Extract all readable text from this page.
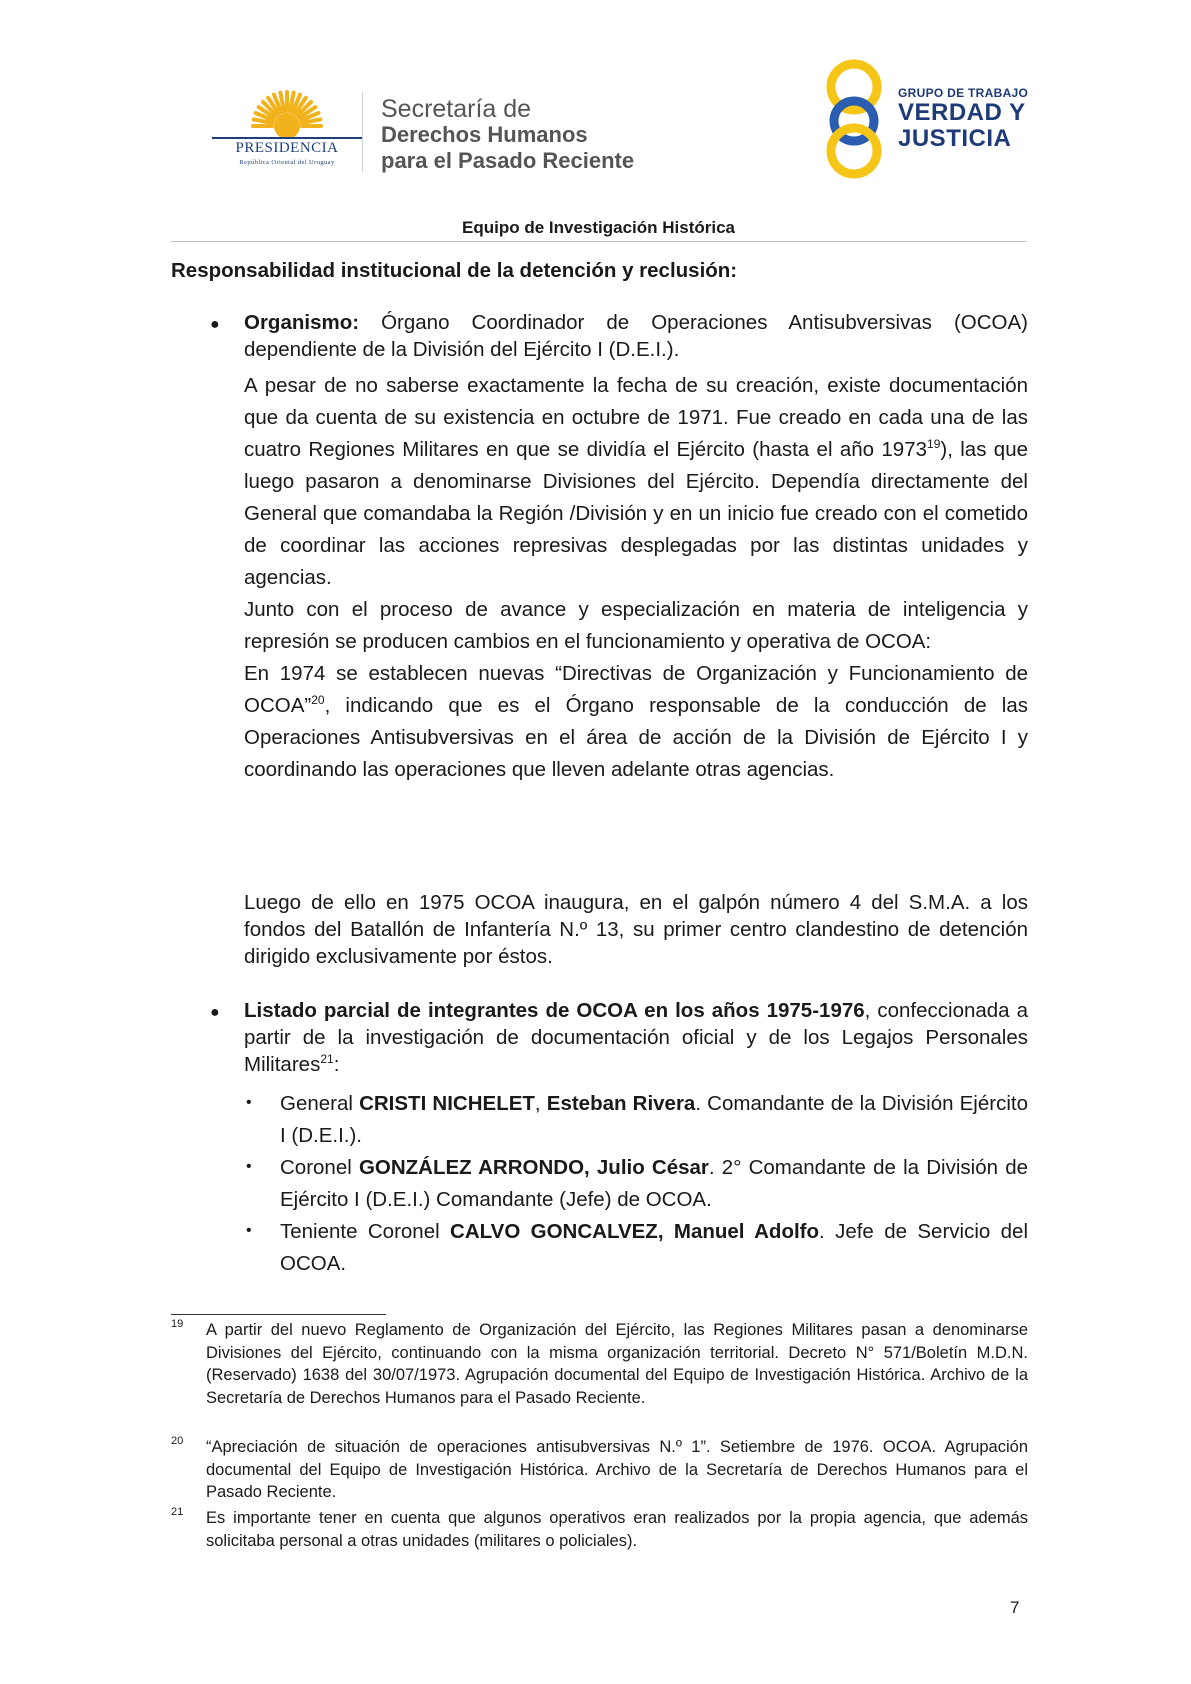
PRESIDENCIA
República Oriental del Uruguay
Secretaría de
Derechos Humanos
para el Pasado Reciente
GRUPO DE TRABAJO
VERDAD Y
JUSTICIA
Equipo de Investigación Histórica
Responsabilidad institucional de la detención y reclusión:
● Organismo: Órgano Coordinador de Operaciones Antisubversivas (OCOA) dependiente de la División del Ejército I (D.E.I.).

A pesar de no saberse exactamente la fecha de su creación, existe documentación que da cuenta de su existencia en octubre de 1971. Fue creado en cada una de las cuatro Regiones Militares en que se dividía el Ejército (hasta el año 1973$^{19}$), las que luego pasaron a denominarse Divisiones del Ejército. Dependía directamente del General que comandaba la Región /División y en un inicio fue creado con el cometido de coordinar las acciones represivas desplegadas por las distintas unidades y agencias.

Junto con el proceso de avance y especialización en materia de inteligencia y represión se producen cambios en el funcionamiento y operativa de OCOA:

En 1974 se establecen nuevas “Directivas de Organización y Funcionamiento de OCOA”$^{20}$, indicando que es el Órgano responsable de la conducción de las Operaciones Antisubversivas en el área de acción de la División de Ejército I y coordinando las operaciones que lleven adelante otras agencias.

Luego de ello en 1975 OCOA inaugura, en el galpón número 4 del S.M.A. a los fondos del Batallón de Infantería N.º 13, su primer centro clandestino de detención dirigido exclusivamente por éstos.
● Listado parcial de integrantes de OCOA en los años 1975-1976, confeccionada a partir de la investigación de documentación oficial y de los Legajos Personales Militares$^{21}$:

• General CRISTI NICHELET, Esteban Rivera. Comandante de la División Ejército I (D.E.I.).
• Coronel GONZÁLEZ ARRONDO, Julio César. 2° Comandante de la División de Ejército I (D.E.I.) Comandante (Jefe) de OCOA.
• Teniente Coronel CALVO GONCALVEZ, Manuel Adolfo. Jefe de Servicio del OCOA.
19 A partir del nuevo Reglamento de Organización del Ejército, las Regiones Militares pasan a denominarse Divisiones del Ejército, continuando con la misma organización territorial. Decreto N° 571/Boletín M.D.N. (Reservado) 1638 del 30/07/1973. Agrupación documental del Equipo de Investigación Histórica. Archivo de la Secretaría de Derechos Humanos para el Pasado Reciente.
20 “Apreciación de situación de operaciones antisubversivas N.º 1”. Setiembre de 1976. OCOA. Agrupación documental del Equipo de Investigación Histórica. Archivo de la Secretaría de Derechos Humanos para el Pasado Reciente.
21 Es importante tener en cuenta que algunos operativos eran realizados por la propia agencia, que además solicitaba personal a otras unidades (militares o policiales).
7
